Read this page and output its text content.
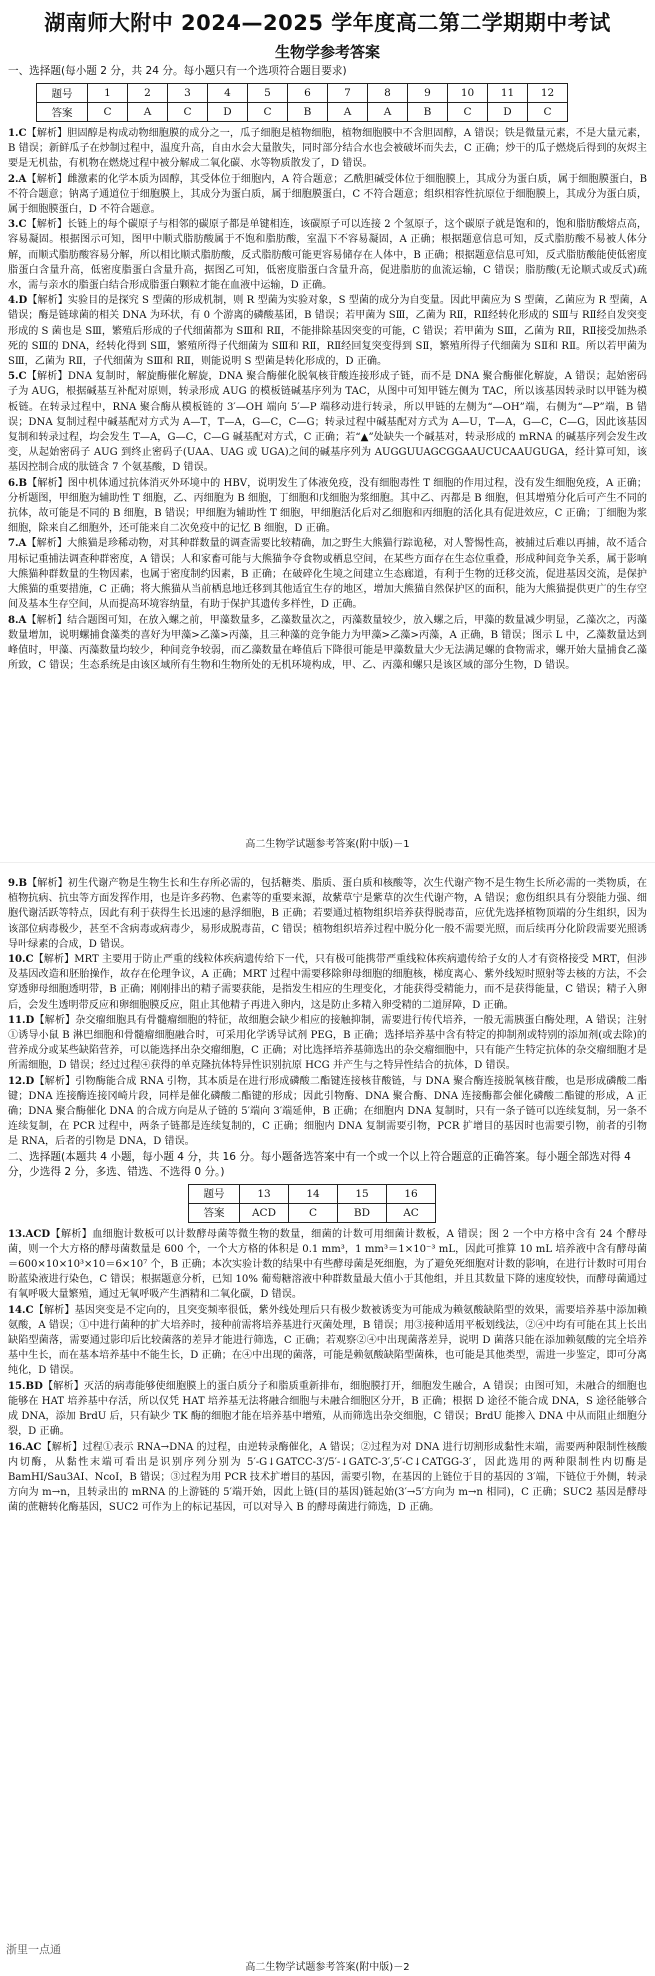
湖南师大附中 2024—2025 学年度高二第二学期期中考试
生物学参考答案
一、选择题(每小题 2 分，共 24 分。每小题只有一个选项符合题目要求)
题号	1	2	3	4	5	6	7	8	9	10	11	12
答案	C	A	C	D	C	B	A	A	B	C	D	C

1.C【解析】胆固醇是构成动物细胞膜的成分之一，瓜子细胞是植物细胞，植物细胞膜中不含胆固醇，A 错误；铁是微量元素，不是大量元素，B 错误；新鲜瓜子在炒制过程中，温度升高，自由水会大量散失，同时部分结合水也会被破坏而失去，C 正确；炒干的瓜子燃烧后得到的灰烬主要是无机盐，有机物在燃烧过程中被分解成二氧化碳、水等物质散发了，D 错误。

2.A【解析】雌激素的化学本质为固醇，其受体位于细胞内，A 符合题意；乙酰胆碱受体位于细胞膜上，其成分为蛋白质，属于细胞膜蛋白，B 不符合题意；钠离子通道位于细胞膜上，其成分为蛋白质，属于细胞膜蛋白，C 不符合题意；组织相容性抗原位于细胞膜上，其成分为蛋白质，属于细胞膜蛋白，D 不符合题意。

3.C【解析】长链上的每个碳原子与相邻的碳原子都是单键相连，该碳原子可以连接 2 个氢原子，这个碳原子就是饱和的，饱和脂肪酸熔点高，容易凝固。根据图示可知，图甲中顺式脂肪酸属于不饱和脂肪酸，室温下不容易凝固，A 正确；根据题意信息可知，反式脂肪酸不易被人体分解，而顺式脂肪酸容易分解，所以相比顺式脂肪酸，反式脂肪酸可能更容易储存在人体中，B 正确；根据题意信息可知，反式脂肪酸能使低密度脂蛋白含量升高，低密度脂蛋白含量升高，据图乙可知，低密度脂蛋白含量升高，促进脂肪的血流运输，C 错误；脂肪酸(无论顺式或反式)疏水，需与亲水的脂蛋白结合形成脂蛋白颗粒才能在血液中运输，D 正确。

4.D【解析】实验目的是探究 S 型菌的形成机制，则 R 型菌为实验对象，S 型菌的成分为自变量。因此甲菌应为 S 型菌，乙菌应为 R 型菌，A 错误；酶是链球菌的相关 DNA 为环状，有 0 个游离的磷酸基团，B 错误；若甲菌为 SⅢ，乙菌为 RⅡ，RⅡ经转化形成的 SⅢ与 RⅡ经自发突变形成的 S 菌也是 SⅢ，繁殖后形成的子代细菌都为 SⅢ和 RⅡ，不能排除基因突变的可能，C 错误；若甲菌为 SⅢ，乙菌为 RⅡ，RⅡ接受加热杀死的 SⅢ的 DNA，经转化得到 SⅢ，繁殖所得子代细菌为 SⅢ和 RⅡ，RⅡ经回复突变得到 SⅡ，繁殖所得子代细菌为 SⅡ和 RⅡ。所以若甲菌为 SⅢ，乙菌为 RⅡ，子代细菌为 SⅢ和 RⅡ，则能说明 S 型菌是转化形成的，D 正确。

5.C【解析】DNA 复制时，解旋酶催化解旋，DNA 聚合酶催化脱氧核苷酸连接形成子链，而不是 DNA 聚合酶催化解旋，A 错误；起始密码子为 AUG，根据碱基互补配对原则，转录形成 AUG 的模板链碱基序列为 TAC，从图中可知甲链左侧为 TAC，所以该基因转录时以甲链为模板链。在转录过程中，RNA 聚合酶从模板链的 3′—OH 端向 5′—P 端移动进行转录，所以甲链的左侧为“—OH”端，右侧为“—P”端，B 错误；DNA 复制过程中碱基配对方式为 A—T，T—A，G—C，C—G；转录过程中碱基配对方式为 A—U，T—A，G—C，C—G，因此该基因复制和转录过程，均会发生 T—A，G—C，C—G 碱基配对方式，C 正确；若“▲”处缺失一个碱基对，转录形成的 mRNA 的碱基序列会发生改变，从起始密码子 AUG 到终止密码子(UAA、UAG 或 UGA)之间的碱基序列为 AUGGUUAGCGGAAUCUCAAUGUGA，经计算可知，该基因控制合成的肽链含 7 个氨基酸，D 错误。

6.B【解析】图中机体通过抗体消灭外环境中的 HBV，说明发生了体液免疫，没有细胞毒性 T 细胞的作用过程，没有发生细胞免疫，A 正确；分析题图，甲细胞为辅助性 T 细胞，乙、丙细胞为 B 细胞，丁细胞和戊细胞为浆细胞。其中乙、丙都是 B 细胞，但其增殖分化后可产生不同的抗体，故可能是不同的 B 细胞，B 错误；甲细胞为辅助性 T 细胞，甲细胞活化后对乙细胞和丙细胞的活化具有促进效应，C 正确；丁细胞为浆细胞，除来自乙细胞外，还可能来自二次免疫中的记忆 B 细胞，D 正确。

7.A【解析】大熊猫是珍稀动物，对其种群数量的调查需要比较精确，加之野生大熊猫行踪诡秘，对人警惕性高，被捕过后难以再捕，故不适合用标记重捕法调查种群密度，A 错误；人和家畜可能与大熊猫争夺食物或栖息空间，在某些方面存在生态位重叠，形成种间竞争关系，属于影响大熊猫种群数量的生物因素，也属于密度制约因素，B 正确；在破碎化生境之间建立生态廊道，有利于生物的迁移交流，促进基因交流，是保护大熊猫的重要措施，C 正确；将大熊猫从当前栖息地迁移到其他适宜生存的地区，增加大熊猫自然保护区的面积，能为大熊猫提供更广的生存空间及基本生存空间，从而提高环境容纳量，有助于保护其遗传多样性，D 正确。

8.A【解析】结合题图可知，在放入螺之前，甲藻数量多，乙藻数量次之，丙藻数量较少，放入螺之后，甲藻的数量减少明显，乙藻次之，丙藻数量增加，说明螺捕食藻类的喜好为甲藻>乙藻>丙藻，且三种藻的竞争能力为甲藻>乙藻>丙藻，A 正确，B 错误；图示 L 中，乙藻数量达到峰值时，甲藻、丙藻数量均较少，种间竞争较弱，而乙藻数量在峰值后下降很可能是甲藻数量大少无法满足螺的食物需求，螺开始大量捕食乙藻所致，C 错误；生态系统是由该区域所有生物和生物所处的无机环境构成，甲、乙、丙藻和螺只是该区域的部分生物，D 错误。

高二生物学试题参考答案(附中版)－1

9.B【解析】初生代谢产物是生物生长和生存所必需的，包括糖类、脂质、蛋白质和核酸等，次生代谢产物不是生物生长所必需的一类物质，在植物抗病、抗虫等方面发挥作用，也是许多药物、色素等的重要来源，故紫草宁是紫草的次生代谢产物，A 错误；愈伤组织具有分裂能力强、细胞代谢活跃等特点，因此有利于获得生长迅速的悬浮细胞，B 正确；若要通过植物组织培养获得脱毒苗，应优先选择植物顶端的分生组织，因为该部位病毒极少，甚至不含病毒或病毒少，易形成脱毒苗，C 错误；植物组织培养过程中脱分化一般不需要光照，而后续再分化阶段需要光照诱导叶绿素的合成，D 错误。

10.C【解析】MRT 主要用于防止严重的线粒体疾病遗传给下一代，只有极可能携带严重线粒体疾病遗传给子女的人才有资格接受 MRT，但涉及基因改造和胚胎操作，故存在伦理争议，A 正确；MRT 过程中需要移除卵母细胞的细胞核，梯度离心、紫外线短时照射等去核的方法，不会穿透卵母细胞透明带，B 正确；刚刚排出的精子需要获能，是指发生相应的生理变化，才能获得受精能力，而不是获得能量，C 错误；精子入卵后，会发生透明带反应和卵细胞膜反应，阻止其他精子再进入卵内，这是防止多精入卵受精的二道屏障，D 正确。

11.D【解析】杂交瘤细胞具有骨髓瘤细胞的特征，故细胞会缺少相应的接触抑制，需要进行传代培养，一般无需胰蛋白酶处理，A 错误；注射①诱导小鼠 B 淋巴细胞和骨髓瘤细胞融合时，可采用化学诱导试剂 PEG，B 正确；选择培养基中含有特定的抑制剂或特别的添加剂(或去除)的营养成分或某些缺陷营养，可以能选择出杂交瘤细胞，C 正确；对比选择培养基筛选出的杂交瘤细胞中，只有能产生特定抗体的杂交瘤细胞才是所需细胞，D 错误；经过过程④获得的单克隆抗体特异性识别抗原 HCG 并产生与之特异性结合的抗体，D 错误。

12.D【解析】引物酶能合成 RNA 引物，其本质是在进行形成磷酸二酯键连接核苷酸链，与 DNA 聚合酶连接脱氧核苷酸，也是形成磷酸二酯键；DNA 连接酶连接冈崎片段，同样是催化磷酸二酯键的形成；因此引物酶、DNA 聚合酶、DNA 连接酶都会催化磷酸二酯键的形成，A 正确；DNA 聚合酶催化 DNA 的合成方向是从子链的 5′端向 3′端延伸，B 正确；在细胞内 DNA 复制时，只有一条子链可以连续复制，另一条不连续复制，在 PCR 过程中，两条子链都是连续复制的，C 正确；细胞内 DNA 复制需要引物，PCR 扩增目的基因时也需要引物，前者的引物是 RNA，后者的引物是 DNA，D 错误。

二、选择题(本题共 4 小题，每小题 4 分，共 16 分。每小题备选答案中有一个或一个以上符合题意的正确答案。每小题全部选对得 4 分，少选得 2 分，多选、错选、不选得 0 分。)
题号	13	14	15	16
答案	ACD	C	BD	AC

13.ACD【解析】血细胞计数板可以计数酵母菌等微生物的数量，细菌的计数可用细菌计数板，A 错误；图 2 一个中方格中含有 24 个酵母菌，则一个大方格的酵母菌数量是 600 个，一个大方格的体积是 0.1 mm³，1 mm³＝1×10⁻³ mL，因此可推算 10 mL 培养液中含有酵母菌＝600×10×10³×10＝6×10⁷ 个，B 正确；本次实验计数的结果中有些酵母菌是死细胞，为了避免死细胞对计数的影响，在进行计数时可用台盼蓝染液进行染色，C 错误；根据题意分析，已知 10% 葡萄糖溶液中种群数量最大值小于其他组，并且其数量下降的速度较快，而酵母菌通过有氧呼吸大量繁殖，通过无氧呼吸产生酒精和二氧化碳，D 错误。

14.C【解析】基因突变是不定向的，且突变频率很低，紫外线处理后只有极少数被诱变为可能成为赖氨酸缺陷型的效果，需要培养基中添加赖氨酸，A 错误；①中进行菌种的扩大培养时，接种前需将培养基进行灭菌处理，B 错误；用③接种适用平板划线法，②④中均有可能在其上长出缺陷型菌落，需要通过影印后比较菌落的差异才能进行筛选，C 正确；若观察②④中出现菌落差异，说明 D 菌落只能在添加赖氨酸的完全培养基中生长，而在基本培养基中不能生长，D 正确；在④中出现的菌落，可能是赖氨酸缺陷型菌株，也可能是其他类型，需进一步鉴定，即可分离纯化，D 错误。

15.BD【解析】灭活的病毒能够使细胞膜上的蛋白质分子和脂质重新排布，细胞膜打开，细胞发生融合，A 错误；由图可知，未融合的细胞也能够在 HAT 培养基中存活，所以仅凭 HAT 培养基无法将融合细胞与未融合细胞区分开，B 正确；根据 D 途径不能合成 DNA，S 途径能够合成 DNA，添加 BrdU 后，只有缺少 TK 酶的细胞才能在培养基中增殖，从而筛选出杂交细胞，C 错误；BrdU 能掺入 DNA 中从而阻止细胞分裂，D 正确。

16.AC【解析】过程①表示 RNA→DNA 的过程，由逆转录酶催化，A 错误；②过程为对 DNA 进行切割形成黏性末端，需要两种限制性核酸内切酶，从黏性末端可看出是识别序列分别为 5′-G↓GATCC-3′/5′-↓GATC-3′,5′-C↓CATGG-3′，因此选用的两种限制性内切酶是 BamHⅠ/Sau3AⅠ、NcoⅠ，B 错误；③过程为用 PCR 技术扩增目的基因，需要引物，在基因的上链位于目的基因的 3′端，下链位于外侧，转录方向为 m→n，且转录出的 mRNA 的上游链的 5′端开始，因此上链(目的基因)链起始(3′→5′方向为 m→n 相同)，C 正确；SUC2 基因是酵母菌的蔗糖转化酶基因，SUC2 可作为上的标记基因，可以对导入 B 的酵母菌进行筛选，D 正确。

浙里一点通
高二生物学试题参考答案(附中版)－2
